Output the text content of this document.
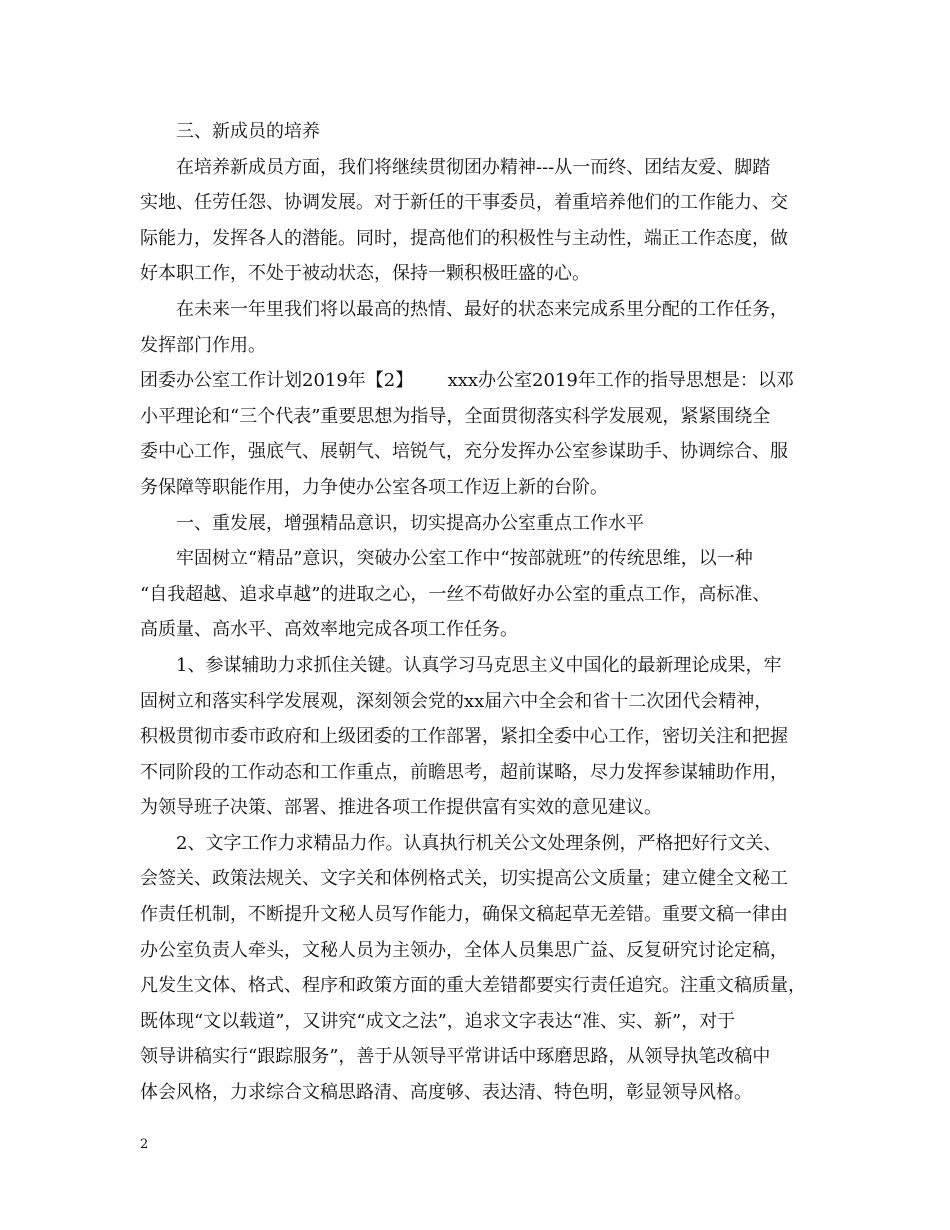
三、新成员的培养

在培养新成员方面，我们将继续贯彻团办精神---从一而终、团结友爱、脚踏

实地、任劳任怨、协调发展。对于新任的干事委员，着重培养他们的工作能力、交

际能力，发挥各人的潜能。同时，提高他们的积极性与主动性，端正工作态度，做

好本职工作，不处于被动状态，保持一颗积极旺盛的心。

在未来一年里我们将以最高的热情、最好的状态来完成系里分配的工作任务，

发挥部门作用。

团委办公室工作计划2019年【2】      xxx办公室2019年工作的指导思想是：以邓

小平理论和“三个代表”重要思想为指导，全面贯彻落实科学发展观，紧紧围绕全

委中心工作，强底气、展朝气、培锐气，充分发挥办公室参谋助手、协调综合、服

务保障等职能作用，力争使办公室各项工作迈上新的台阶。

一、重发展，增强精品意识，切实提高办公室重点工作水平

牢固树立“精品”意识，突破办公室工作中“按部就班”的传统思维，以一种

“自我超越、追求卓越”的进取之心，一丝不苟做好办公室的重点工作，高标准、

高质量、高水平、高效率地完成各项工作任务。

1、参谋辅助力求抓住关键。认真学习马克思主义中国化的最新理论成果，牢

固树立和落实科学发展观，深刻领会党的xx届六中全会和省十二次团代会精神，

积极贯彻市委市政府和上级团委的工作部署，紧扣全委中心工作，密切关注和把握

不同阶段的工作动态和工作重点，前瞻思考，超前谋略，尽力发挥参谋辅助作用，

为领导班子决策、部署、推进各项工作提供富有实效的意见建议。

2、文字工作力求精品力作。认真执行机关公文处理条例，严格把好行文关、

会签关、政策法规关、文字关和体例格式关，切实提高公文质量；建立健全文秘工

作责任机制，不断提升文秘人员写作能力，确保文稿起草无差错。重要文稿一律由

办公室负责人牵头，文秘人员为主领办，全体人员集思广益、反复研究讨论定稿，

凡发生文体、格式、程序和政策方面的重大差错都要实行责任追究。注重文稿质量，

既体现“文以载道”，又讲究“成文之法”，追求文字表达“准、实、新”，对于

领导讲稿实行“跟踪服务”，善于从领导平常讲话中琢磨思路，从领导执笔改稿中

体会风格，力求综合文稿思路清、高度够、表达清、特色明，彰显领导风格。

2
